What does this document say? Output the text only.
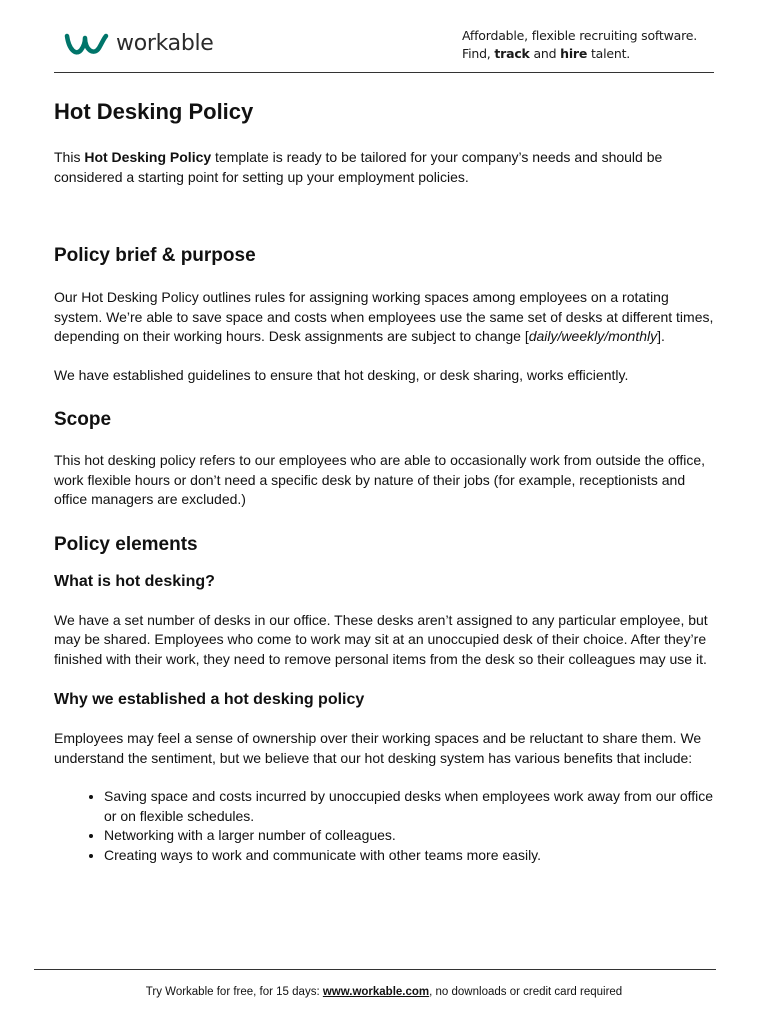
workable	Affordable, flexible recruiting software.
Find, track and hire talent.
Hot Desking Policy

This Hot Desking Policy template is ready to be tailored for your company’s needs and should be considered a starting point for setting up your employment policies.

Policy brief & purpose

Our Hot Desking Policy outlines rules for assigning working spaces among employees on a rotating system. We’re able to save space and costs when employees use the same set of desks at different times, depending on their working hours. Desk assignments are subject to change [daily/weekly/monthly].

We have established guidelines to ensure that hot desking, or desk sharing, works efficiently.

Scope

This hot desking policy refers to our employees who are able to occasionally work from outside the office, work flexible hours or don’t need a specific desk by nature of their jobs (for example, receptionists and office managers are excluded.)

Policy elements
What is hot desking?

We have a set number of desks in our office. These desks aren’t assigned to any particular employee, but may be shared. Employees who come to work may sit at an unoccupied desk of their choice. After they’re finished with their work, they need to remove personal items from the desk so their colleagues may use it.

Why we established a hot desking policy

Employees may feel a sense of ownership over their working spaces and be reluctant to share them. We understand the sentiment, but we believe that our hot desking system has various benefits that include:

• Saving space and costs incurred by unoccupied desks when employees work away from our office or on flexible schedules.
• Networking with a larger number of colleagues.
• Creating ways to work and communicate with other teams more easily.
Try Workable for free, for 15 days: www.workable.com, no downloads or credit card required
